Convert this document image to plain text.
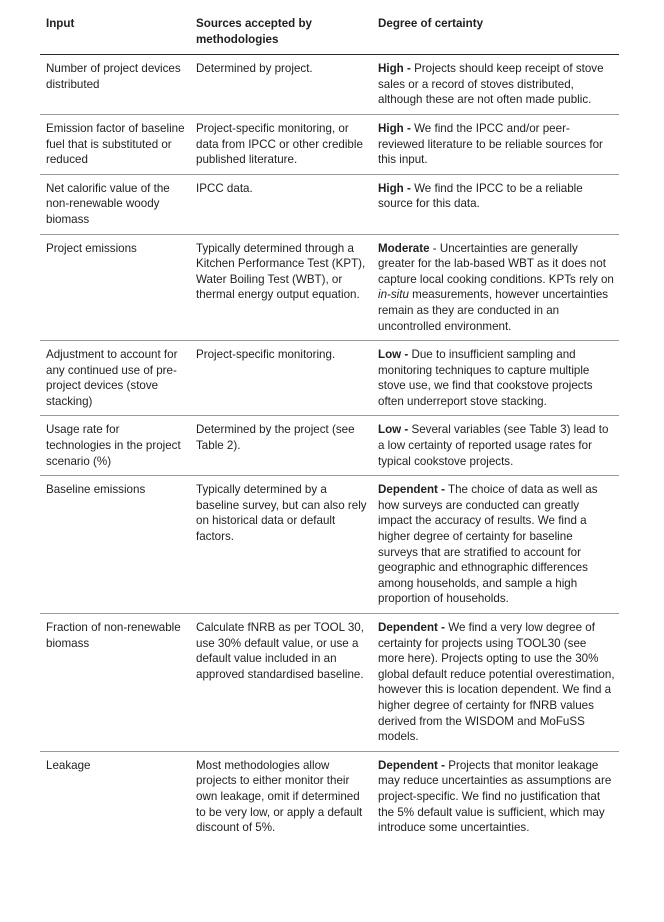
Input	Sources accepted by methodologies	Degree of certainty
Number of project devices distributed	Determined by project.	High - Projects should keep receipt of stove sales or a record of stoves distributed, although these are not often made public.
Emission factor of baseline fuel that is substituted or reduced	Project-specific monitoring, or data from IPCC or other credible published literature.	High - We find the IPCC and/or peer-reviewed literature to be reliable sources for this input.
Net calorific value of the non-renewable woody biomass	IPCC data.	High - We find the IPCC to be a reliable source for this data.
Project emissions	Typically determined through a Kitchen Performance Test (KPT), Water Boiling Test (WBT), or thermal energy output equation.	Moderate - Uncertainties are generally greater for the lab-based WBT as it does not capture local cooking conditions. KPTs rely on in-situ measurements, however uncertainties remain as they are conducted in an uncontrolled environment.
Adjustment to account for any continued use of pre-project devices (stove stacking)	Project-specific monitoring.	Low - Due to insufficient sampling and monitoring techniques to capture multiple stove use, we find that cookstove projects often underreport stove stacking.
Usage rate for technologies in the project scenario (%)	Determined by the project (see Table 2).	Low - Several variables (see Table 3) lead to a low certainty of reported usage rates for typical cookstove projects.
Baseline emissions	Typically determined by a baseline survey, but can also rely on historical data or default factors.	Dependent - The choice of data as well as how surveys are conducted can greatly impact the accuracy of results. We find a higher degree of certainty for baseline surveys that are stratified to account for geographic and ethnographic differences among households, and sample a high proportion of households.
Fraction of non-renewable biomass	Calculate fNRB as per TOOL 30, use 30% default value, or use a default value included in an approved standardised baseline.	Dependent - We find a very low degree of certainty for projects using TOOL30 (see more here). Projects opting to use the 30% global default reduce potential overestimation, however this is location dependent. We find a higher degree of certainty for fNRB values derived from the WISDOM and MoFuSS models.
Leakage	Most methodologies allow projects to either monitor their own leakage, omit if determined to be very low, or apply a default discount of 5%.	Dependent - Projects that monitor leakage may reduce uncertainties as assumptions are project-specific. We find no justification that the 5% default value is sufficient, which may introduce some uncertainties.
